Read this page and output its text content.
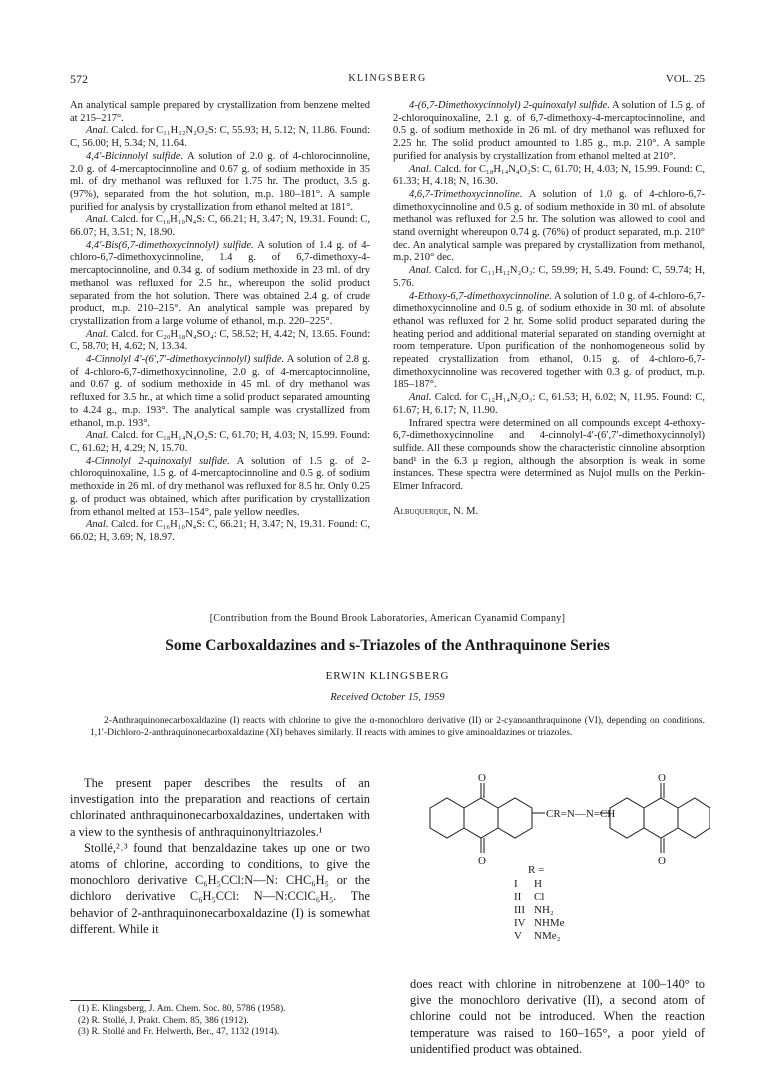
572	KLINGSBERG	VOL. 25

An analytical sample prepared by crystallization from benzene melted at 215–217°.

Anal. Calcd. for C₁₁H₁₂N₂O₂S: C, 55.93; H, 5.12; N, 11.86. Found: C, 56.00; H, 5.34; N, 11.64.

4,4′-Bicinnolyl sulfide. A solution of 2.0 g. of 4-chlorocinnoline, 2.0 g. of 4-mercaptocinnoline and 0.67 g. of sodium methoxide in 35 ml. of dry methanol was refluxed for 1.75 hr. The product, 3.5 g. (97%), separated from the hot solution, m.p. 180–181°. A sample purified for analysis by crystallization from ethanol melted at 181°.

Anal. Calcd. for C₁₆H₁₀N₄S: C, 66.21; H, 3.47; N, 19.31. Found: C, 66.07; H, 3.51; N, 18.90.

4,4′-Bis(6,7-dimethoxycinnolyl) sulfide. A solution of 1.4 g. of 4-chloro-6,7-dimethoxycinnoline, 1.4 g. of 6,7-dimethoxy-4-mercaptocinnoline, and 0.34 g. of sodium methoxide in 23 ml. of dry methanol was refluxed for 2.5 hr., whereupon the solid product separated from the hot solution. There was obtained 2.4 g. of crude product, m.p. 210–215°. An analytical sample was prepared by crystallization from a large volume of ethanol, m.p. 220–225°.

Anal. Calcd. for C₂₀H₁₈N₄SO₄: C, 58.52; H, 4.42; N, 13.65. Found: C, 58.70; H, 4.62; N, 13.34.

4-Cinnolyl 4′-(6′,7′-dimethoxycinnolyl) sulfide. A solution of 2.8 g. of 4-chloro-6,7-dimethoxycinnoline, 2.0 g. of 4-mercaptocinnoline, and 0.67 g. of sodium methoxide in 45 ml. of dry methanol was refluxed for 3.5 hr., at which time a solid product separated amounting to 4.24 g., m.p. 193°. The analytical sample was crystallized from ethanol, m.p. 193°.

Anal. Calcd. for C₁₈H₁₄N₄O₂S: C, 61.70; H, 4.03; N, 15.99. Found: C, 61.62; H, 4.29; N, 15.70.

4-Cinnolyl 2-quinoxalyl sulfide. A solution of 1.5 g. of 2-chloroquinoxaline, 1.5 g. of 4-mercaptocinnoline and 0.5 g. of sodium methoxide in 26 ml. of dry methanol was refluxed for 8.5 hr. Only 0.25 g. of product was obtained, which after purification by crystallization from ethanol melted at 153–154°, pale yellow needles.

Anal. Calcd. for C₁₆H₁₀N₄S: C, 66.21; H, 3.47; N, 19.31. Found: C, 66.02; H, 3.69; N, 18.97.

4-(6,7-Dimethoxycinnolyl) 2-quinoxalyl sulfide. A solution of 1.5 g. of 2-chloroquinoxaline, 2.1 g. of 6,7-dimethoxy-4-mercaptocinnoline, and 0.5 g. of sodium methoxide in 26 ml. of dry methanol was refluxed for 2.25 hr. The solid product amounted to 1.85 g., m.p. 210°. A sample purified for analysis by crystallization from ethanol melted at 210°.

Anal. Calcd. for C₁₈H₁₄N₄O₂S: C, 61.70; H, 4.03; N, 15.99. Found: C, 61.33; H, 4.18; N, 16.30.

4,6,7-Trimethoxycinnoline. A solution of 1.0 g. of 4-chloro-6,7-dimethoxycinnoline and 0.5 g. of sodium methoxide in 30 ml. of absolute methanol was refluxed for 2.5 hr. The solution was allowed to cool and stand overnight whereupon 0.74 g. (76%) of product separated, m.p. 210° dec. An analytical sample was prepared by crystallization from methanol, m.p. 210° dec.

Anal. Calcd. for C₁₁H₁₂N₂O₃: C, 59.99; H, 5.49. Found: C, 59.74; H, 5.76.

4-Ethoxy-6,7-dimethoxycinnoline. A solution of 1.0 g. of 4-chloro-6,7-dimethoxycinnoline and 0.5 g. of sodium ethoxide in 30 ml. of absolute ethanol was refluxed for 2 hr. Some solid product separated during the heating period and additional material separated on standing overnight at room temperature. Upon purification of the nonhomogeneous solid by repeated crystallization from ethanol, 0.15 g. of 4-chloro-6,7-dimethoxycinnoline was recovered together with 0.3 g. of product, m.p. 185–187°.

Anal. Calcd. for C₁₂H₁₄N₂O₃: C, 61.53; H, 6.02; N, 11.95. Found: C, 61.67; H, 6.17; N, 11.90.

Infrared spectra were determined on all compounds except 4-ethoxy-6,7-dimethoxycinnoline and 4-cinnolyl-4′-(6′,7′-dimethoxycinnolyl) sulfide. All these compounds show the characteristic cinnoline absorption band¹ in the 6.3 μ region, although the absorption is weak in some instances. These spectra were determined as Nujol mulls on the Perkin-Elmer Infracord.

Albuquerque, N. M.
[Contribution from the Bound Brook Laboratories, American Cyanamid Company]
Some Carboxaldazines and s-Triazoles of the Anthraquinone Series
ERWIN KLINGSBERG
Received October 15, 1959
2-Anthraquinonecarboxaldazine (I) reacts with chlorine to give the α-monochloro derivative (II) or 2-cyanoanthraquinone (VI), depending on conditions. 1,1′-Dichloro-2-anthraquinonecarboxaldazine (XI) behaves similarly. II reacts with amines to give aminoaldazines or triazoles.

The present paper describes the results of an investigation into the preparation and reactions of certain chlorinated anthraquinonecarboxaldazines, undertaken with a view to the synthesis of anthraquinonyltriazoles.¹

Stollé,²˒³ found that benzaldazine takes up one or two atoms of chlorine, according to conditions, to give the monochloro derivative C₆H₅CCl:N—N: CHC₆H₅ or the dichloro derivative C₆H₅CCl: N—N:CClC₆H₅. The behavior of 2-anthraquinonecarboxaldazine (I) is somewhat different. While it

O
O
O
O
CR=N—N=CH
R =
I H
II Cl
III NH₂
IV NHMe
V NMe₂
does react with chlorine in nitrobenzene at 100–140° to give the monochloro derivative (II), a second atom of chlorine could not be introduced. When the reaction temperature was raised to 160–165°, a poor yield of unidentified product was obtained.
(1) E. Klingsberg, J. Am. Chem. Soc. 80, 5786 (1958).
(2) R. Stollé, J. Prakt. Chem. 85, 386 (1912).
(3) R. Stollé and Fr. Helwerth, Ber., 47, 1132 (1914).
